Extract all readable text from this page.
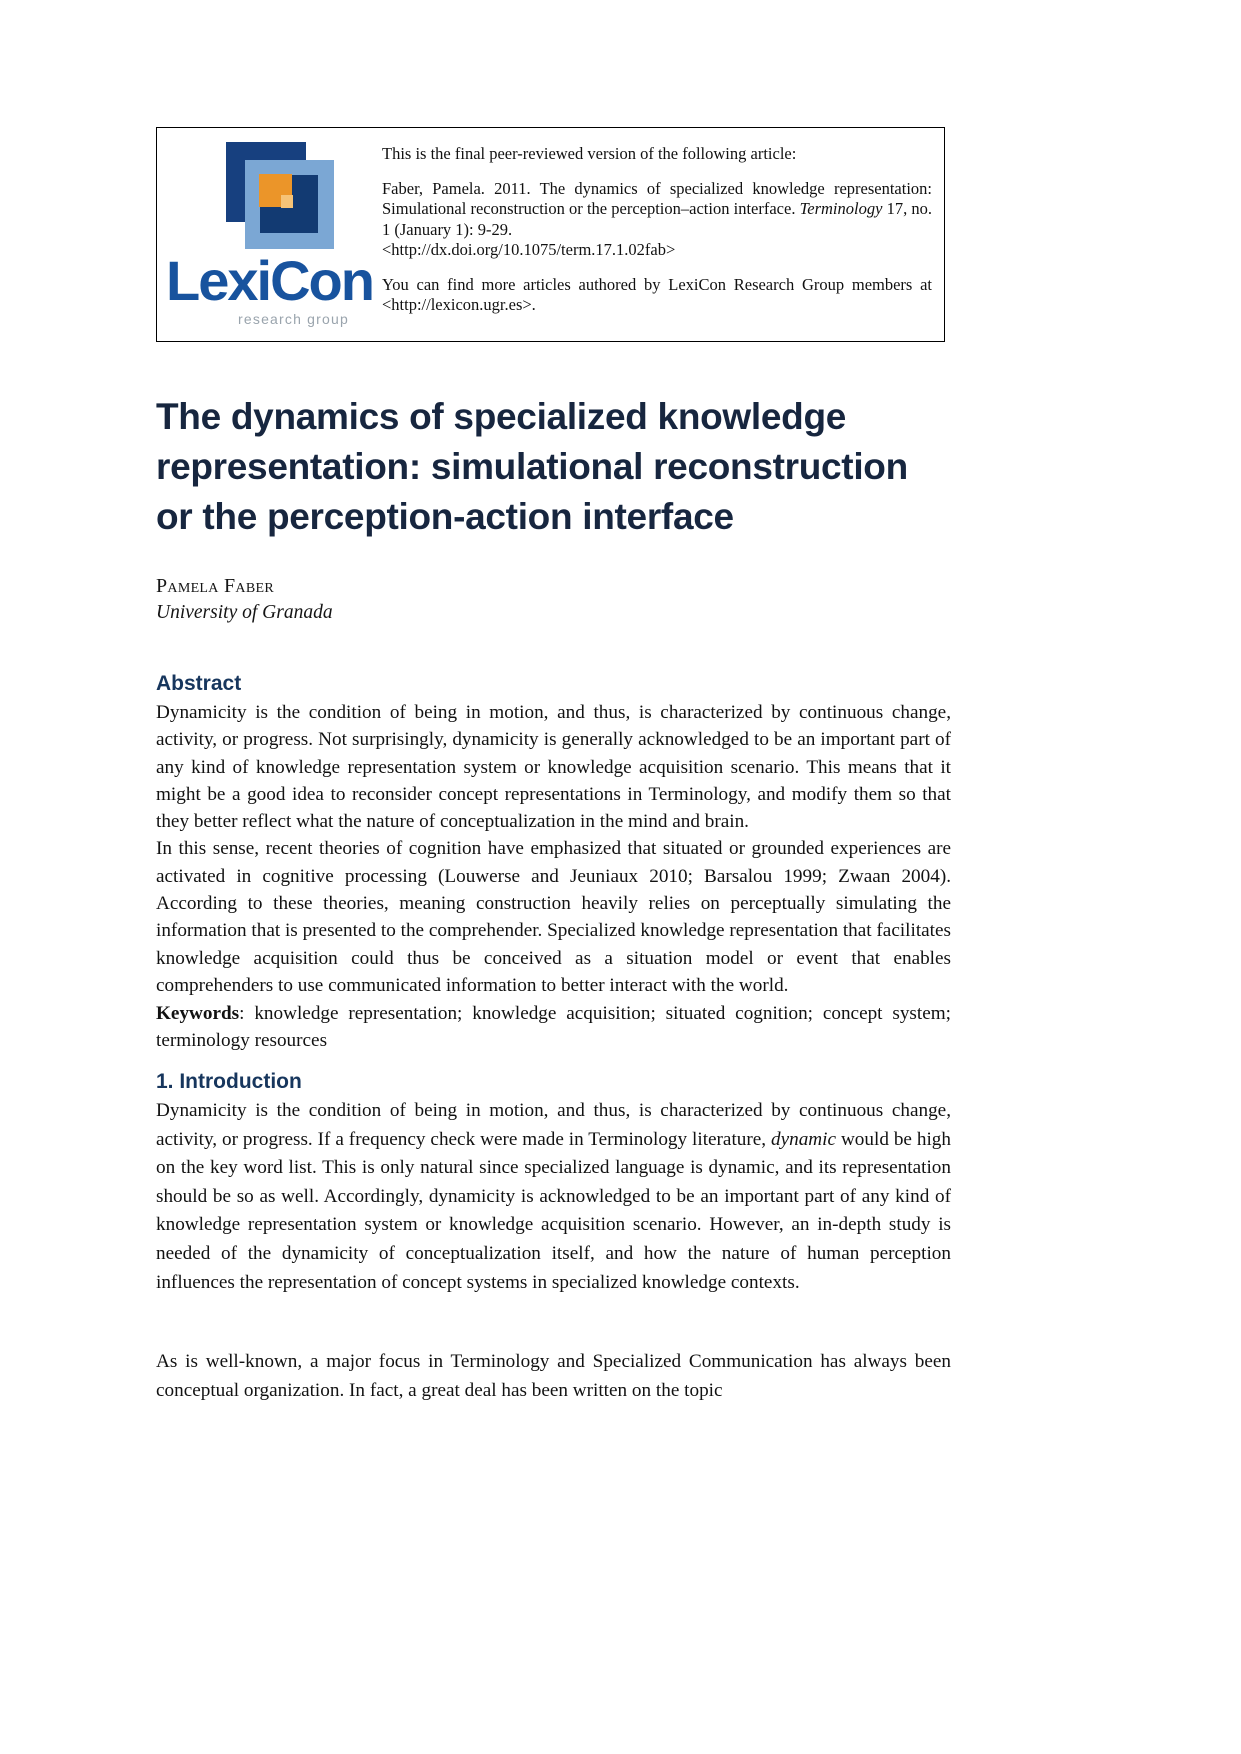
LexiCon
research group

This is the final peer-reviewed version of the following article:

Faber, Pamela. 2011. The dynamics of specialized knowledge representation: Simulational reconstruction or the perception–action interface. Terminology 17, no. 1 (January 1): 9-29.

<http://dx.doi.org/10.1075/term.17.1.02fab>

You can find more articles authored by LexiCon Research Group members at <http://lexicon.ugr.es>.

The dynamics of specialized knowledge
representation: simulational reconstruction
or the perception-action interface
Pamela Faber
University of Granada
Abstract

Dynamicity is the condition of being in motion, and thus, is characterized by continuous change, activity, or progress. Not surprisingly, dynamicity is generally acknowledged to be an important part of any kind of knowledge representation system or knowledge acquisition scenario. This means that it might be a good idea to reconsider concept representations in Terminology, and modify them so that they better reflect what the nature of conceptualization in the mind and brain.

In this sense, recent theories of cognition have emphasized that situated or grounded experiences are activated in cognitive processing (Louwerse and Jeuniaux 2010; Barsalou 1999; Zwaan 2004). According to these theories, meaning construction heavily relies on perceptually simulating the information that is presented to the comprehender. Specialized knowledge representation that facilitates knowledge acquisition could thus be conceived as a situation model or event that enables comprehenders to use communicated information to better interact with the world.

Keywords: knowledge representation; knowledge acquisition; situated cognition; concept system; terminology resources

1. Introduction

Dynamicity is the condition of being in motion, and thus, is characterized by continuous change, activity, or progress. If a frequency check were made in Terminology literature, dynamic would be high on the key word list. This is only natural since specialized language is dynamic, and its representation should be so as well. Accordingly, dynamicity is acknowledged to be an important part of any kind of knowledge representation system or knowledge acquisition scenario. However, an in-depth study is needed of the dynamicity of conceptualization itself, and how the nature of human perception influences the representation of concept systems in specialized knowledge contexts.

As is well-known, a major focus in Terminology and Specialized Communication has always been conceptual organization. In fact, a great deal has been written on the topic
